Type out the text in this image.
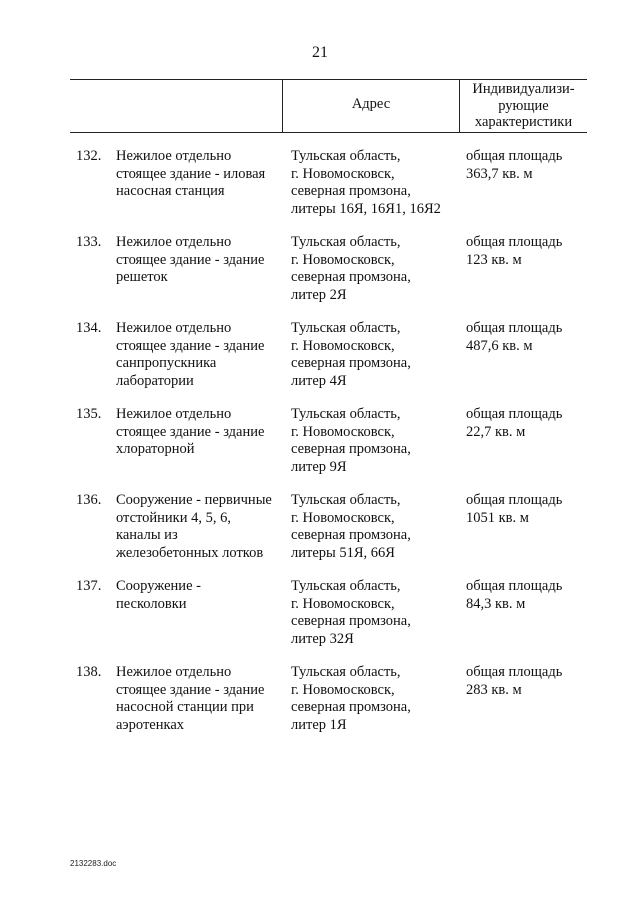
21
Адрес
Индивидуализи-
рующие
характеристики
132. Нежилое отдельно
стоящее здание - иловая
насосная станция
Тульская область,
г. Новомосковск,
северная промзона,
литеры 16Я, 16Я1, 16Я2
общая площадь
363,7 кв. м
133. Нежилое отдельно
стоящее здание - здание
решеток
Тульская область,
г. Новомосковск,
северная промзона,
литер 2Я
общая площадь
123 кв. м
134. Нежилое отдельно
стоящее здание - здание
санпропускника
лаборатории
Тульская область,
г. Новомосковск,
северная промзона,
литер 4Я
общая площадь
487,6 кв. м
135. Нежилое отдельно
стоящее здание - здание
хлораторной
Тульская область,
г. Новомосковск,
северная промзона,
литер 9Я
общая площадь
22,7 кв. м
136. Сооружение - первичные
отстойники 4, 5, 6,
каналы из
железобетонных лотков
Тульская область,
г. Новомосковск,
северная промзона,
литеры 51Я, 66Я
общая площадь
1051 кв. м
137. Сооружение -
песколовки
Тульская область,
г. Новомосковск,
северная промзона,
литер 32Я
общая площадь
84,3 кв. м
138. Нежилое отдельно
стоящее здание - здание
насосной станции при
аэротенках
Тульская область,
г. Новомосковск,
северная промзона,
литер 1Я
общая площадь
283 кв. м
2132283.doc
